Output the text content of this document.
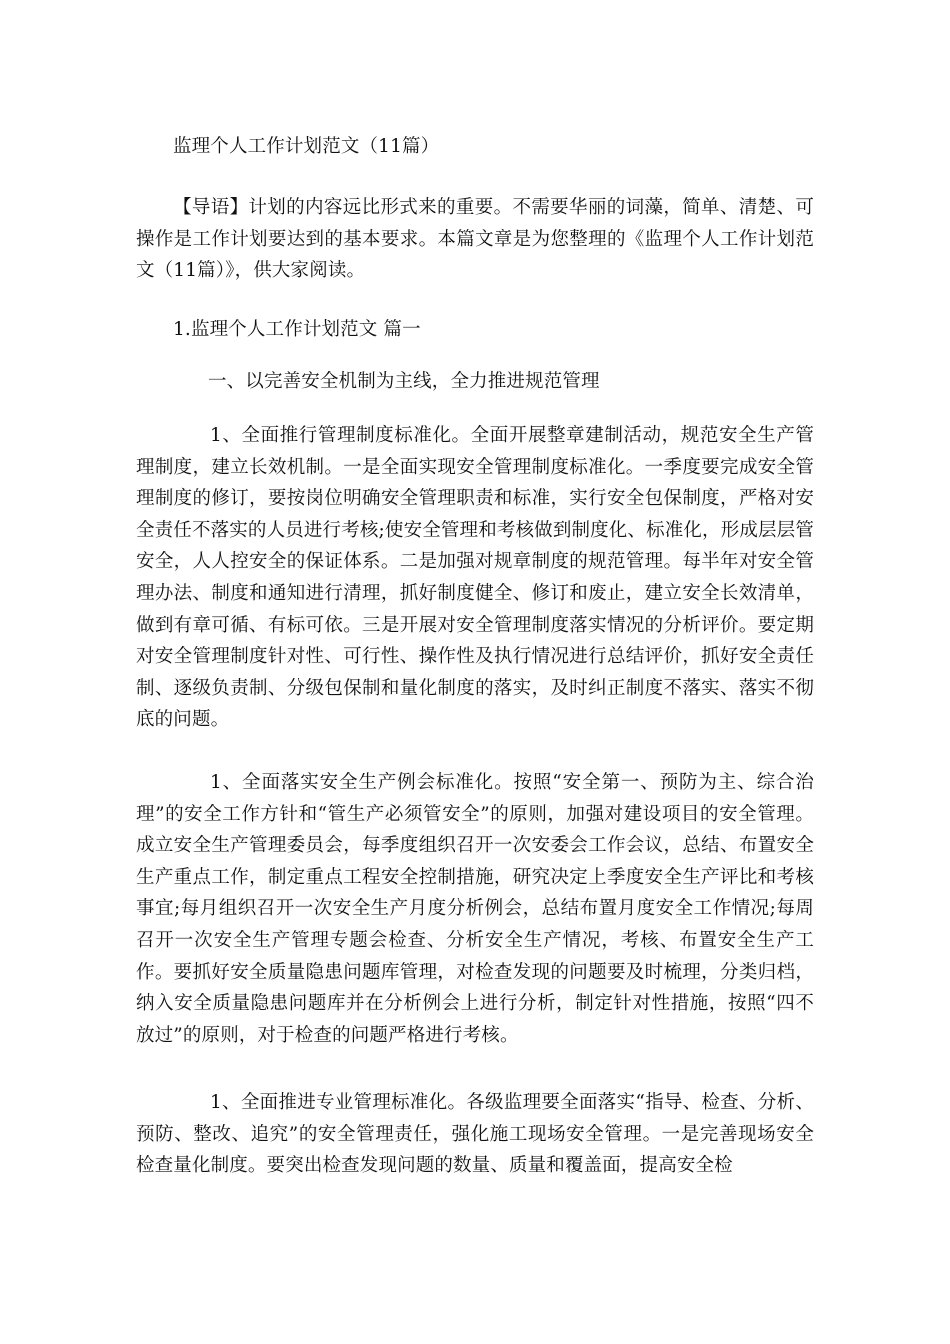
监理个人工作计划范文（11篇）
【导语】计划的内容远比形式来的重要。不需要华丽的词藻，简单、清楚、可操作是工作计划要达到的基本要求。本篇文章是为您整理的《监理个人工作计划范文（11篇）》，供大家阅读。
1.监理个人工作计划范文 篇一
一、以完善安全机制为主线，全力推进规范管理
1、全面推行管理制度标准化。全面开展整章建制活动，规范安全生产管理制度，建立长效机制。一是全面实现安全管理制度标准化。一季度要完成安全管理制度的修订，要按岗位明确安全管理职责和标准，实行安全包保制度，严格对安全责任不落实的人员进行考核;使安全管理和考核做到制度化、标准化，形成层层管安全，人人控安全的保证体系。二是加强对规章制度的规范管理。每半年对安全管理办法、制度和通知进行清理，抓好制度健全、修订和废止，建立安全长效清单，做到有章可循、有标可依。三是开展对安全管理制度落实情况的分析评价。要定期对安全管理制度针对性、可行性、操作性及执行情况进行总结评价，抓好安全责任制、逐级负责制、分级包保制和量化制度的落实，及时纠正制度不落实、落实不彻底的问题。
1、全面落实安全生产例会标准化。按照“安全第一、预防为主、综合治理”的安全工作方针和“管生产必须管安全”的原则，加强对建设项目的安全管理。成立安全生产管理委员会，每季度组织召开一次安委会工作会议，总结、布置安全生产重点工作，制定重点工程安全控制措施，研究决定上季度安全生产评比和考核事宜;每月组织召开一次安全生产月度分析例会，总结布置月度安全工作情况;每周召开一次安全生产管理专题会检查、分析安全生产情况，考核、布置安全生产工作。要抓好安全质量隐患问题库管理，对检查发现的问题要及时梳理，分类归档，纳入安全质量隐患问题库并在分析例会上进行分析，制定针对性措施，按照“四不放过”的原则，对于检查的问题严格进行考核。
1、全面推进专业管理标准化。各级监理要全面落实“指导、检查、分析、预防、整改、追究”的安全管理责任，强化施工现场安全管理。一是完善现场安全检查量化制度。要突出检查发现问题的数量、质量和覆盖面，提高安全检
